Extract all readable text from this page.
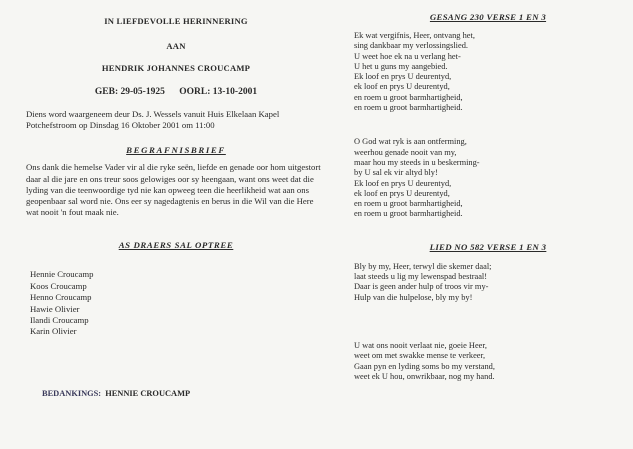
IN LIEFDEVOLLE HERINNERING
AAN
HENDRIK JOHANNES CROUCAMP
GEB: 29-05-1925 OORL: 13-10-2001
Diens word waargeneem deur Ds. J. Wessels vanuit Huis Elkelaan Kapel Potchefstroom op Dinsdag 16 Oktober 2001 om 11:00
BEGRAFNISBRIEF
Ons dank die hemelse Vader vir al die ryke seën, liefde en genade oor hom uitgestort daar al die jare en ons treur soos gelowiges oor sy heengaan, want ons weet dat die lyding van die teenwoordige tyd nie kan opweeg teen die heerlikheid wat aan ons geopenbaar sal word nie. Ons eer sy nagedagtenis en berus in die Wil van die Here wat nooit 'n fout maak nie.
AS DRAERS SAL OPTREE
Hennie Croucamp
Koos Croucamp
Henno Croucamp
Hawie Olivier
Ilandi Croucamp
Karin Olivier
BEDANKINGS: HENNIE CROUCAMP
GESANG 230 VERSE 1 EN 3
Ek wat vergifnis, Heer, ontvang het,
sing dankbaar my verlossingslied.
U weet hoe ek na u verlang het-
U het u guns my aangebied.
Ek loof en prys U deurentyd,
ek loof en prys U deurentyd,
en roem u groot barmhartigheid,
en roem u groot barmhartigheid.
O God wat ryk is aan ontferming,
weerhou genade nooit van my,
maar hou my steeds in u beskerming-
by U sal ek vir altyd bly!
Ek loof en prys U deurentyd,
ek loof en prys U deurentyd,
en roem u groot barmhartigheid,
en roem u groot barmhartigheid.
LIED NO 582 VERSE 1 EN 3
Bly by my, Heer, terwyl die skemer daal;
laat steeds u lig my lewenspad bestraal!
Daar is geen ander hulp of troos vir my-
Hulp van die hulpelose, bly my by!
U wat ons nooit verlaat nie, goeie Heer,
weet om met swakke mense te verkeer,
Gaan pyn en lyding soms bo my verstand,
weet ek U hou, onwrikbaar, nog my hand.
